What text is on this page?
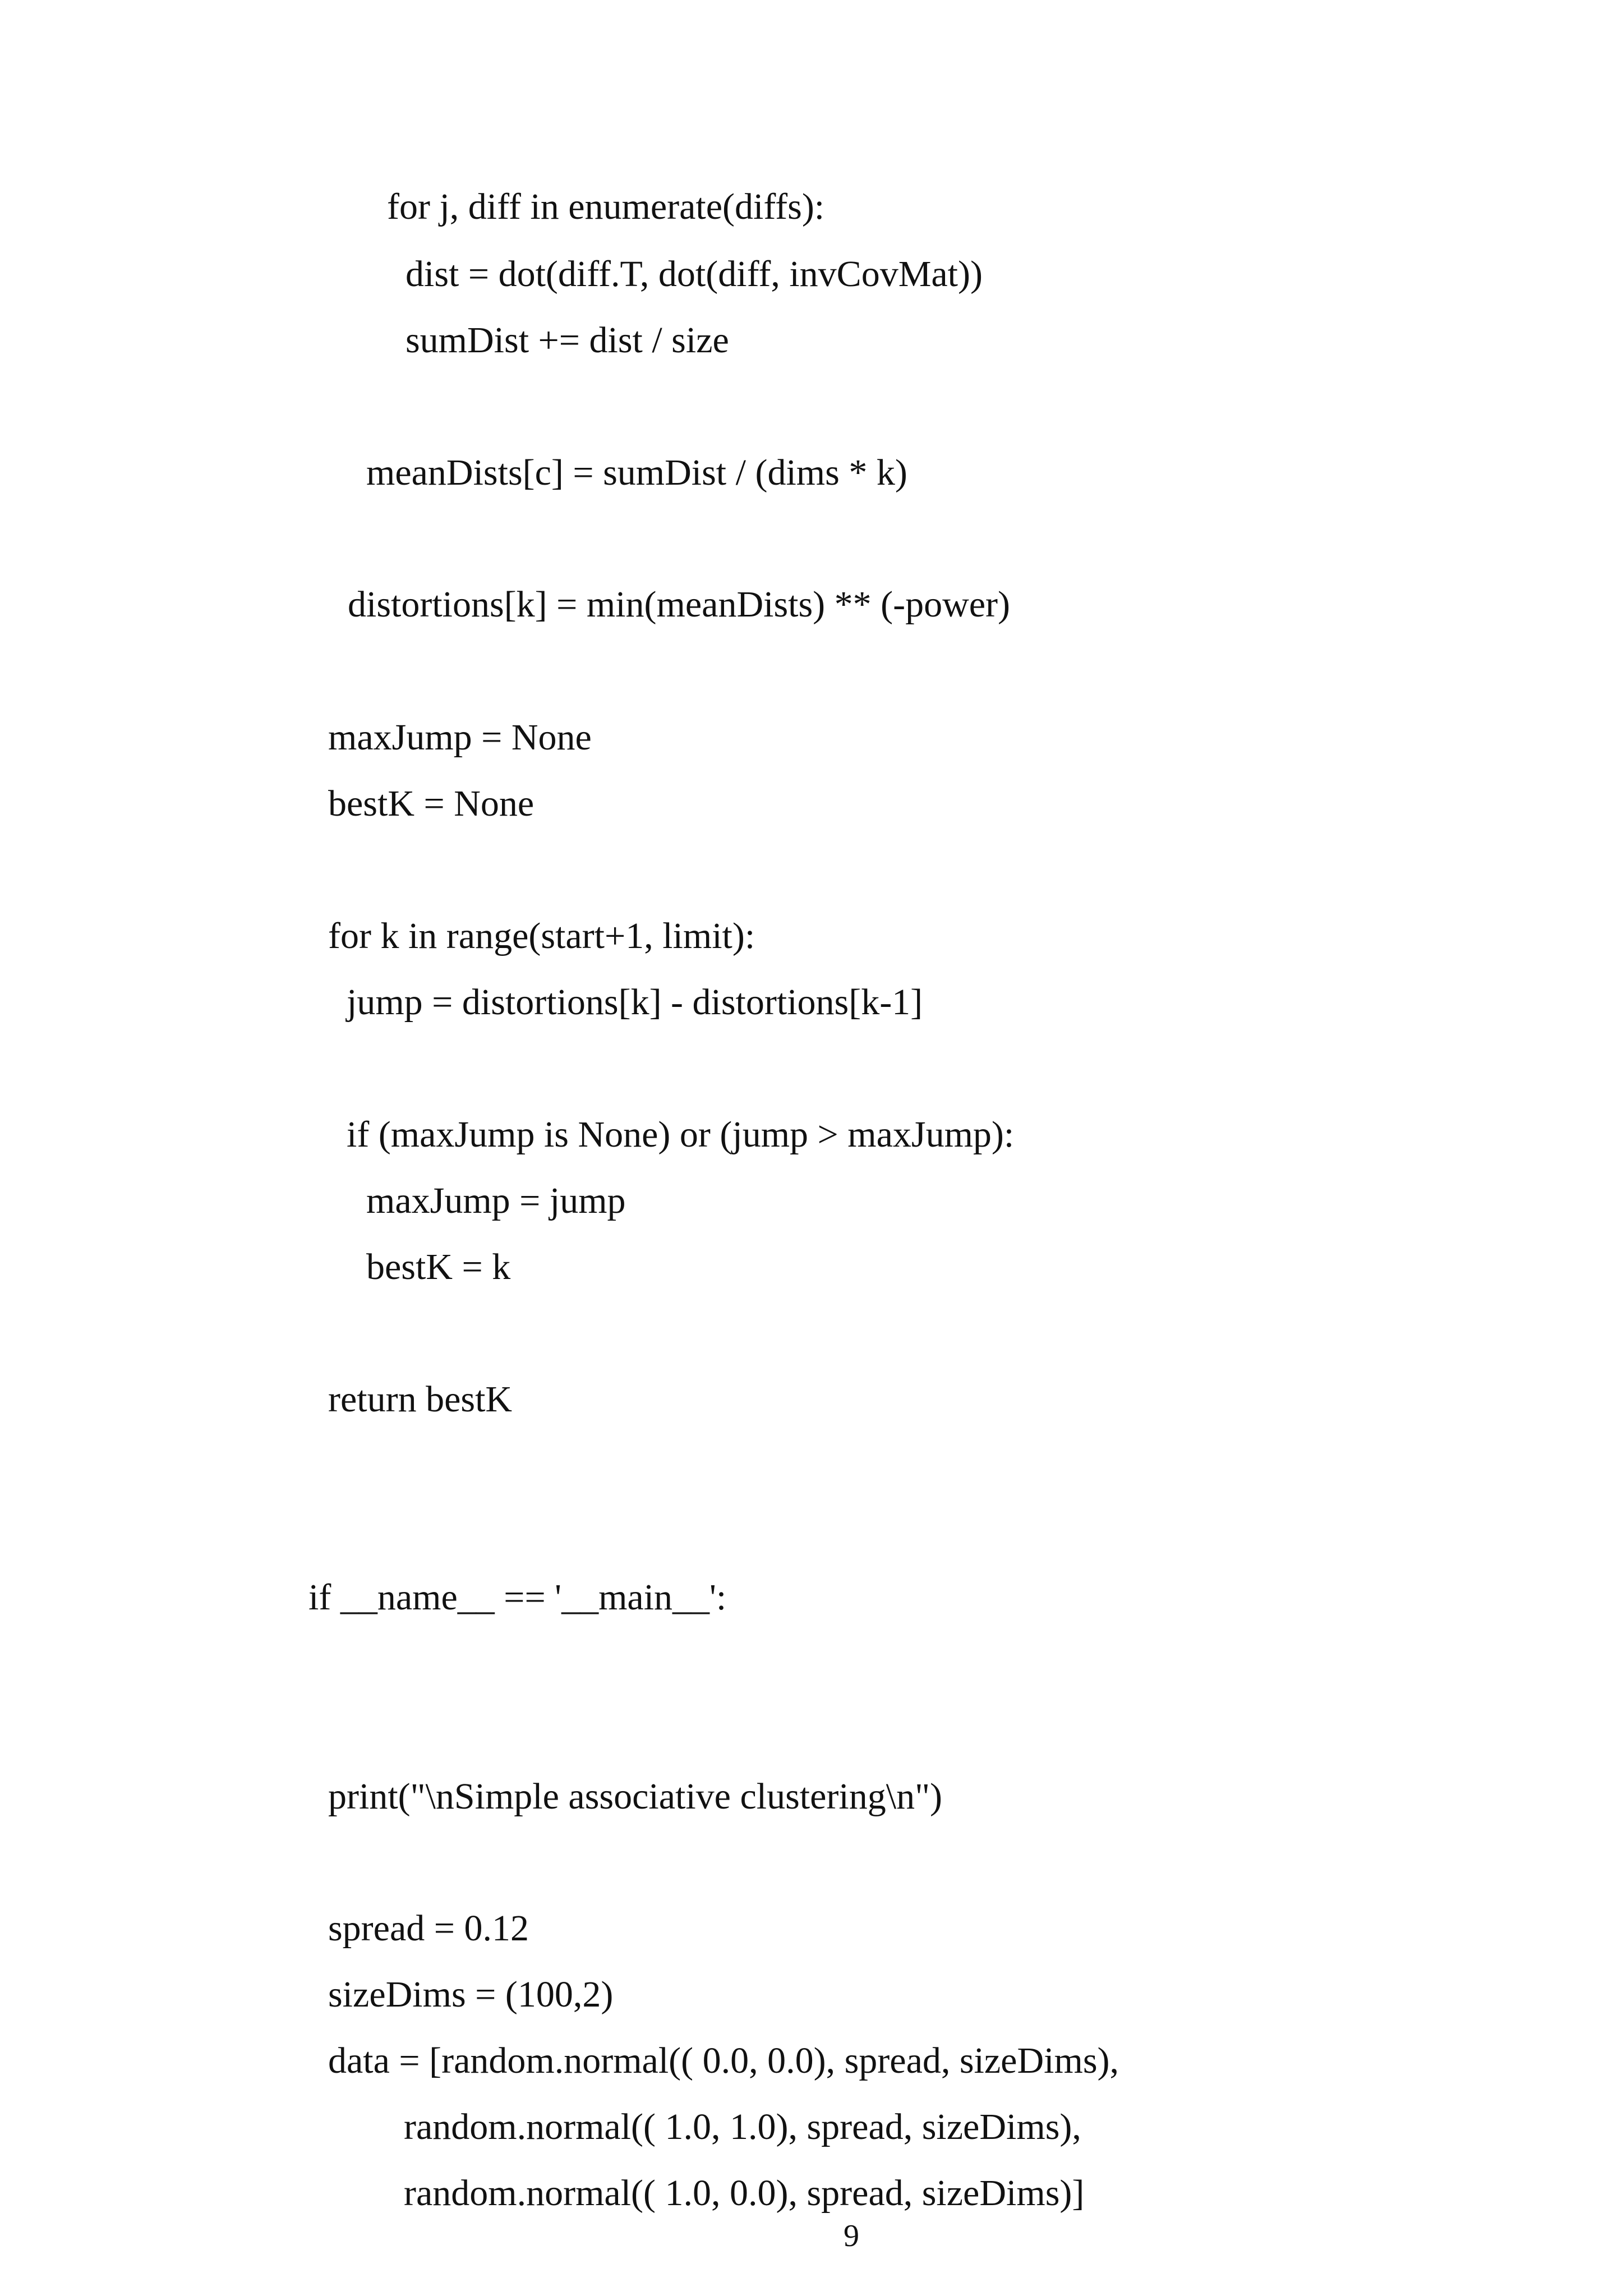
for j, diff in enumerate(diffs):
dist = dot(diff.T, dot(diff, invCovMat))
sumDist += dist / size
meanDists[c] = sumDist / (dims * k)
distortions[k] = min(meanDists) ** (-power)
maxJump = None
bestK = None
for k in range(start+1, limit):
jump = distortions[k] - distortions[k-1]
if (maxJump is None) or (jump > maxJump):
maxJump = jump
bestK = k
return bestK
if __name__ == '__main__':
print("\nSimple associative clustering\n")
spread = 0.12
sizeDims = (100,2)
data = [random.normal(( 0.0, 0.0), spread, sizeDims),
random.normal(( 1.0, 1.0), spread, sizeDims),
random.normal(( 1.0, 0.0), spread, sizeDims)]
9
